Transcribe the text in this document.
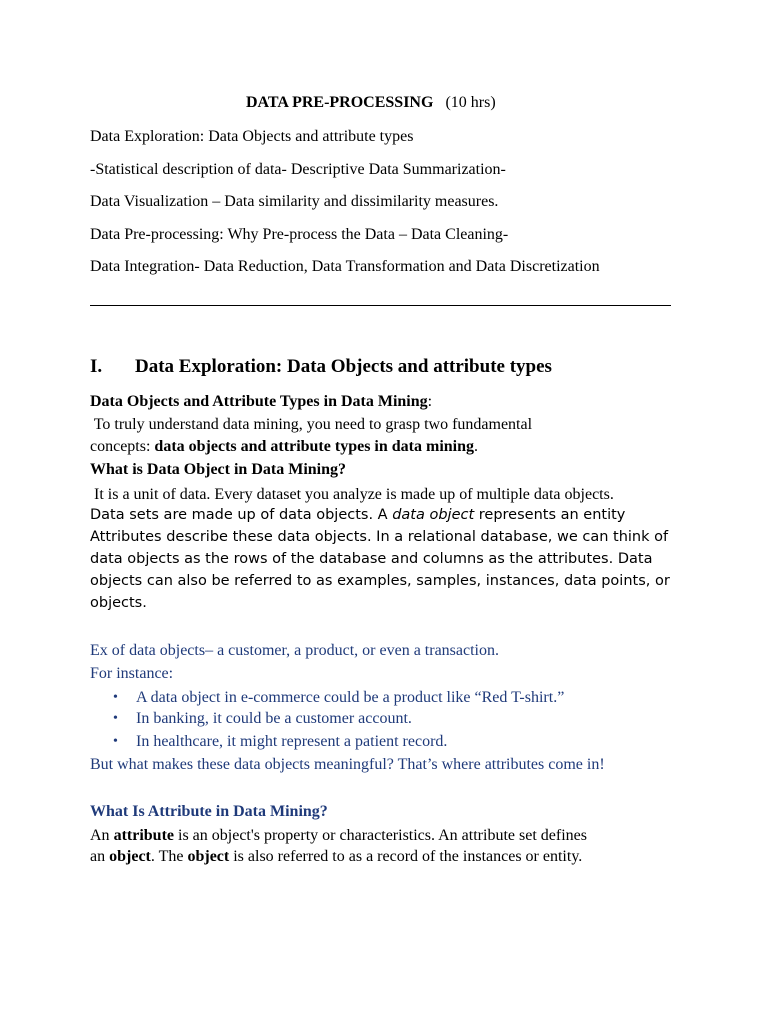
DATA PRE-PROCESSING (10 hrs)
Data Exploration: Data Objects and attribute types
-Statistical description of data- Descriptive Data Summarization-
Data Visualization – Data similarity and dissimilarity measures.
Data Pre-processing: Why Pre-process the Data – Data Cleaning-
Data Integration- Data Reduction, Data Transformation and Data Discretization
I. Data Exploration: Data Objects and attribute types
Data Objects and Attribute Types in Data Mining:
To truly understand data mining, you need to grasp two fundamental
concepts: data objects and attribute types in data mining.
What is Data Object in Data Mining?
It is a unit of data. Every dataset you analyze is made up of multiple data objects.
Data sets are made up of data objects. A data object represents an entity
Attributes describe these data objects. In a relational database, we can think of
data objects as the rows of the database and columns as the attributes. Data
objects can also be referred to as examples, samples, instances, data points, or
objects.
Ex of data objects– a customer, a product, or even a transaction.
For instance:
• A data object in e-commerce could be a product like “Red T-shirt.”
• In banking, it could be a customer account.
• In healthcare, it might represent a patient record.
But what makes these data objects meaningful? That’s where attributes come in!
What Is Attribute in Data Mining?
An attribute is an object's property or characteristics. An attribute set defines
an object. The object is also referred to as a record of the instances or entity.
